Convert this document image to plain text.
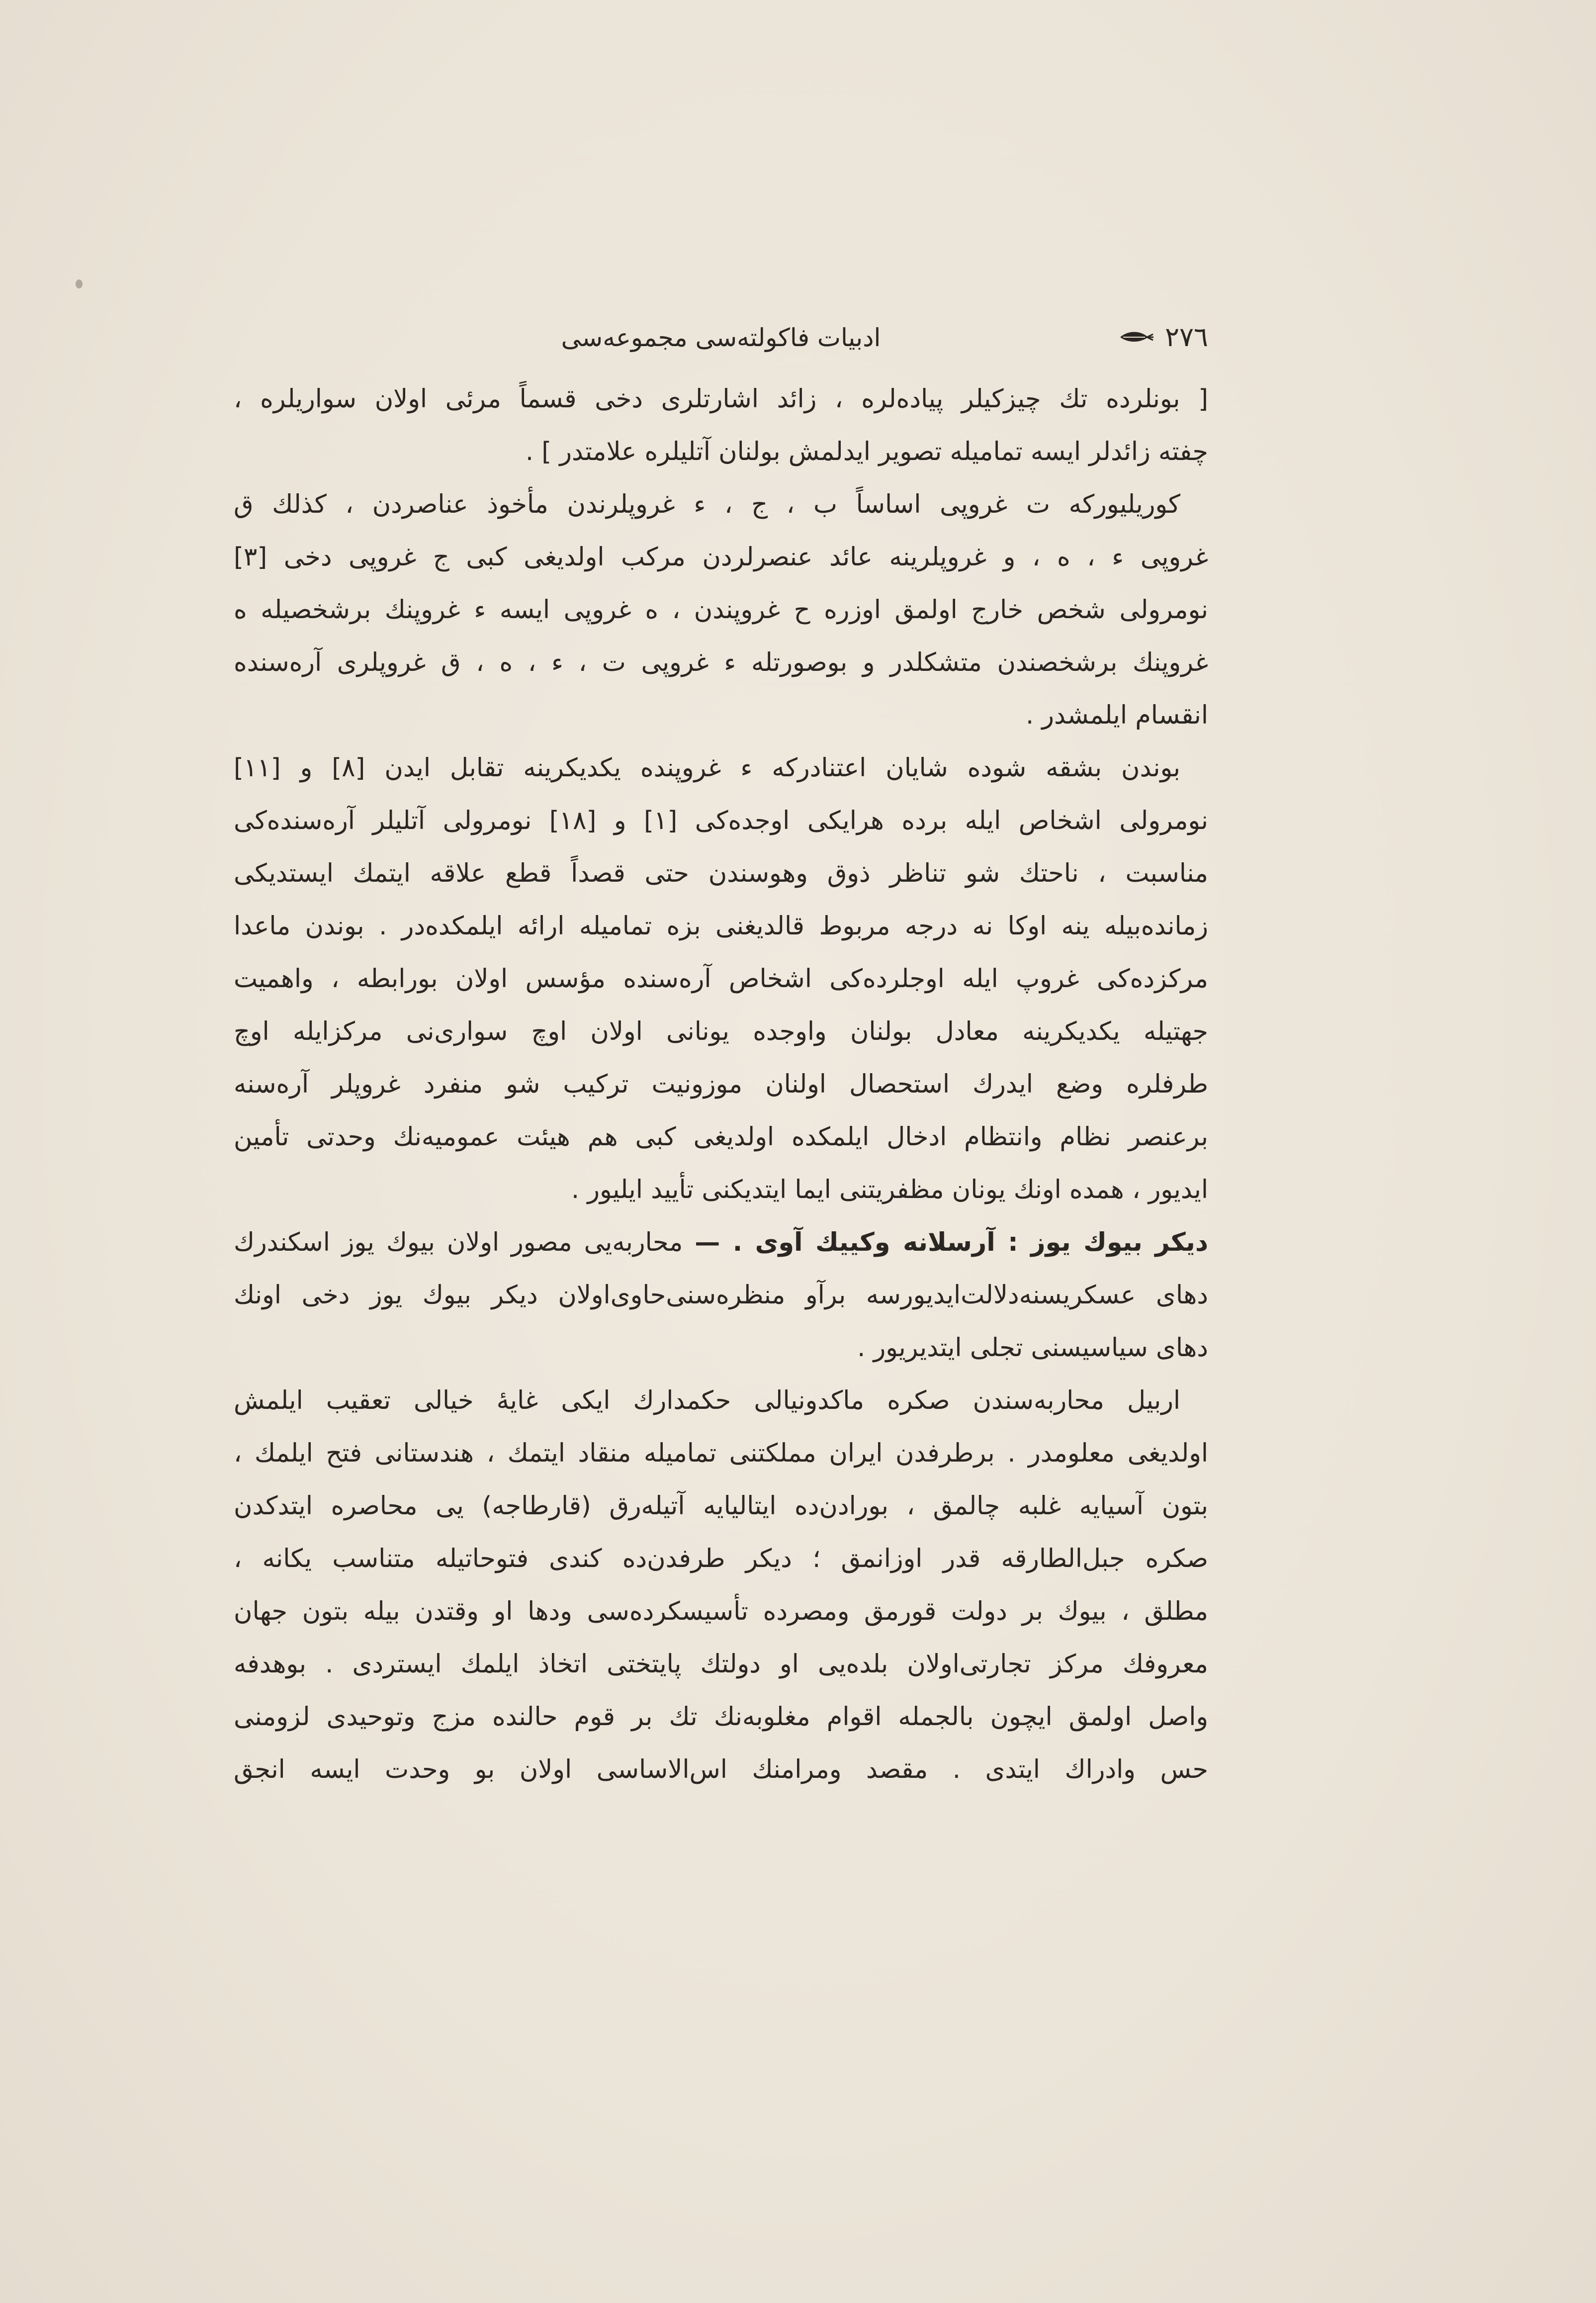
٢٧٦
ادبیات فاكولته‌سی مجموعه‌سی
[ بونلرده تك چیزكیلر پیاده‌لره ، زائد اشارتلری دخی قسماً مرئی اولان سواریلره ،
چفته زائدلر ایسه تمامیله تصویر ایدلمش بولنان آتلیلره علامتدر ] .
كوریلیوركه ت غروپی اساساً ب ، ج ، ء غروپلرندن مأخوذ عناصردن ، كذلك ق
غروپی ء ، ه ، و غروپلرینه عائد عنصرلردن مركب اولدیغی كبی ج غروپی دخی [٣]
نومرولی شخص خارج اولمق اوزره ح غروپندن ، ه غروپی ایسه ء غروپنك برشخصیله ه
غروپنك برشخصندن متشكلدر و بوصورتله ء غروپی ت ، ء ، ه ، ق غروپلری آره‌سنده
انقسام ایلمشدر .
بوندن بشقه شوده شایان اعتنادركه ء غروپنده یكدیكرینه تقابل ایدن [٨] و [١١]
نومرولی اشخاص ایله برده هرایكی اوجده‌كی [١] و [١٨] نومرولی آتلیلر آره‌سنده‌كی
مناسبت ، ناحتك شو تناظر ذوق وهوسندن حتی قصداً قطع علاقه ایتمك ایستدیكی
زمانده‌بیله ینه اوكا نه درجه مربوط قالدیغنی بزه تمامیله ارائه ایلمكده‌در . بوندن ماعدا
مركزده‌كی غروپ ایله اوجلرده‌كی اشخاص آره‌سنده مؤسس اولان بورابطه ، واهمیت
جهتیله یكدیكرینه معادل بولنان واوجده یونانی اولان اوچ سواری‌نی مركزایله اوچ
طرفلره وضع ایدرك استحصال اولنان موزونیت تركیب شو منفرد غروپلر آره‌سنه
برعنصر نظام وانتظام ادخال ایلمكده اولدیغی كبی هم هیئت عمومیه‌نك وحدتی تأمین
ایدیور ، همده اونك یونان مظفریتنی ایما ایتدیكنی تأیید ایلیور .
دیكر بیوك یوز : آرسلانه وكییك آوی . — محاربه‌یی مصور اولان بیوك یوز اسكندرك
دهای عسكریسنه‌دلالت‌ایدیورسه برآو منظره‌سنی‌حاوی‌اولان دیكر بیوك یوز دخی اونك
دهای سیاسیسنی تجلی ایتدیریور .
اربیل محاربه‌سندن صكره ماكدونیالی حكمدارك ایكی غایهٔ خیالی تعقیب ایلمش
اولدیغی معلومدر . برطرفدن ایران مملكتنی تمامیله منقاد ایتمك ، هندستانی فتح ایلمك ،
بتون آسیایه غلبه چالمق ، بورادن‌ده ایتالیایه آتیله‌رق (قارطاجه) یی محاصره ایتدكدن
صكره جبل‌الطارقه قدر اوزانمق ؛ دیكر طرفدن‌ده كندی فتوحاتیله متناسب یكانه ،
مطلق ، بیوك بر دولت قورمق ومصرده تأسیسكرده‌سی ودها او وقتدن بیله بتون جهان
معروفك مركز تجارتی‌اولان بلده‌یی او دولتك پایتختی اتخاذ ایلمك ایستردی . بوهدفه
واصل اولمق ایچون بالجمله اقوام مغلوبه‌نك تك بر قوم حالنده مزج وتوحیدی لزومنی
حس وادراك ایتدی . مقصد ومرامنك اس‌الاساسی اولان بو وحدت ایسه انجق
